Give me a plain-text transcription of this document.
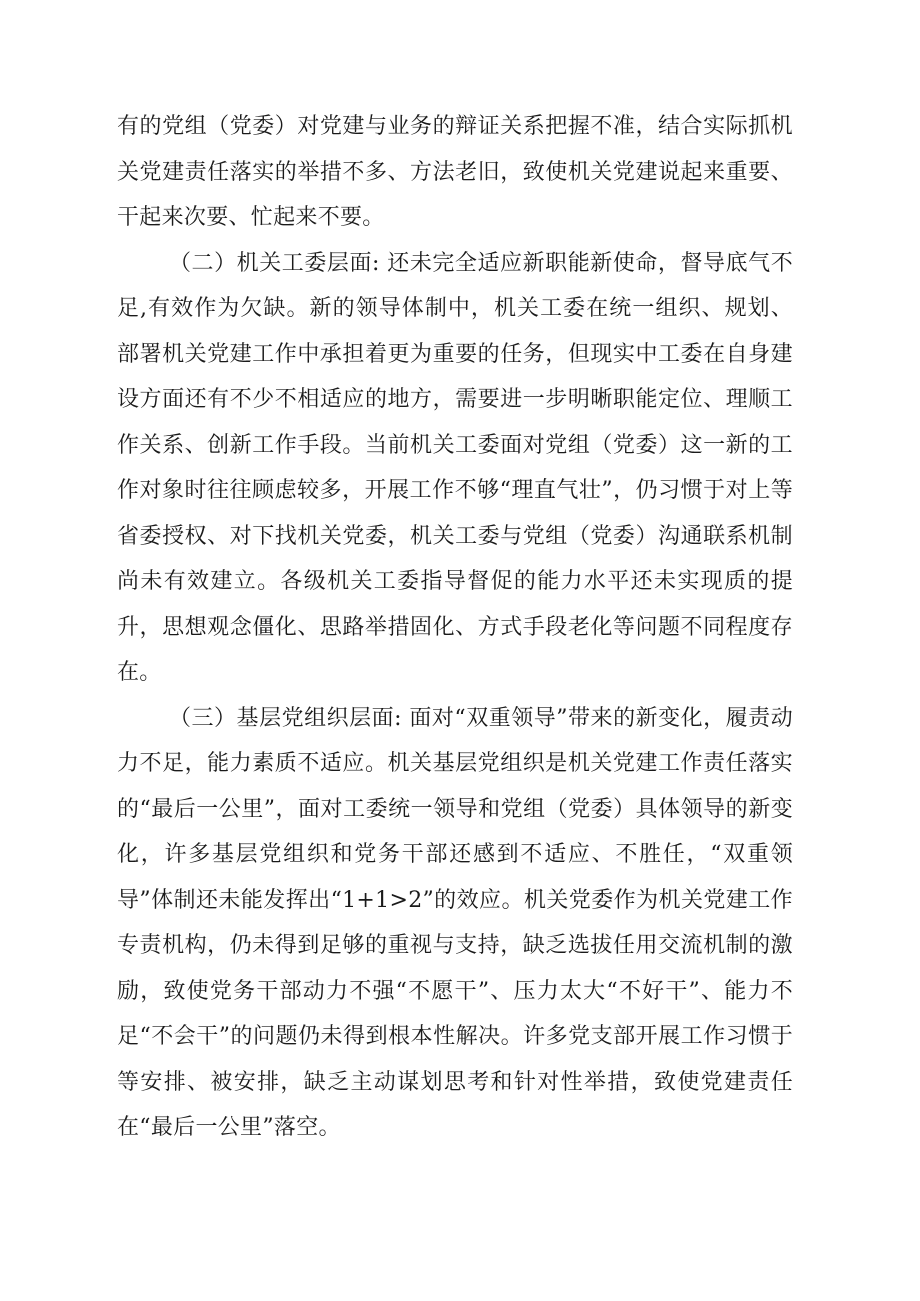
有的党组（党委）对党建与业务的辩证关系把握不准，结合实际抓机关党建责任落实的举措不多、方法老旧，致使机关党建说起来重要、干起来次要、忙起来不要。

（二）机关工委层面: 还未完全适应新职能新使命，督导底气不足,有效作为欠缺。新的领导体制中，机关工委在统一组织、规划、部署机关党建工作中承担着更为重要的任务，但现实中工委在自身建设方面还有不少不相适应的地方，需要进一步明晰职能定位、理顺工作关系、创新工作手段。当前机关工委面对党组（党委）这一新的工作对象时往往顾虑较多，开展工作不够“理直气壮”，仍习惯于对上等省委授权、对下找机关党委，机关工委与党组（党委）沟通联系机制尚未有效建立。各级机关工委指导督促的能力水平还未实现质的提升，思想观念僵化、思路举措固化、方式手段老化等问题不同程度存在。

（三）基层党组织层面: 面对“双重领导”带来的新变化，履责动力不足，能力素质不适应。机关基层党组织是机关党建工作责任落实的“最后一公里”，面对工委统一领导和党组（党委）具体领导的新变化，许多基层党组织和党务干部还感到不适应、不胜任，“双重领导”体制还未能发挥出“1+1>2”的效应。机关党委作为机关党建工作专责机构，仍未得到足够的重视与支持，缺乏选拔任用交流机制的激励，致使党务干部动力不强“不愿干”、压力太大“不好干”、能力不足“不会干”的问题仍未得到根本性解决。许多党支部开展工作习惯于等安排、被安排，缺乏主动谋划思考和针对性举措，致使党建责任在“最后一公里”落空。
